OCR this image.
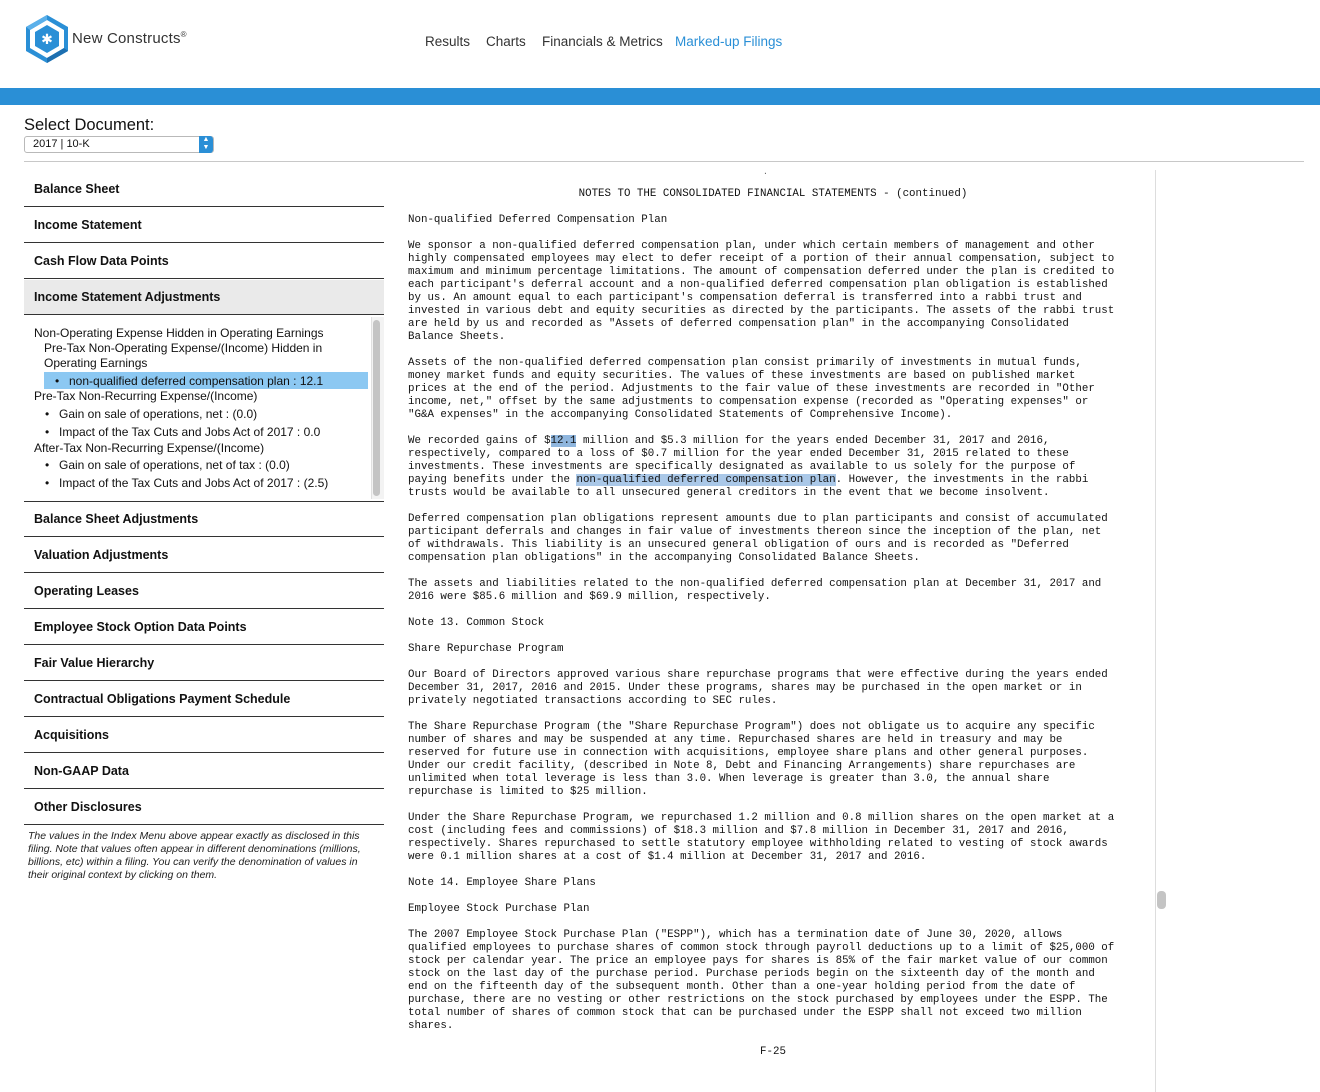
✱ New Constructs®	Results Charts Financials & Metrics Marked-up Filings
Select Document:
2017 | 10-K	▲
▼
Balance Sheet
Income Statement
Cash Flow Data Points
Income Statement Adjustments
Non-Operating Expense Hidden in Operating Earnings
Pre-Tax Non-Operating Expense/(Income) Hidden in
Operating Earnings
• non-qualified deferred compensation plan : 12.1
Pre-Tax Non-Recurring Expense/(Income)
• Gain on sale of operations, net : (0.0)
• Impact of the Tax Cuts and Jobs Act of 2017 : 0.0
After-Tax Non-Recurring Expense/(Income)
• Gain on sale of operations, net of tax : (0.0)
• Impact of the Tax Cuts and Jobs Act of 2017 : (2.5)
Balance Sheet Adjustments
Valuation Adjustments
Operating Leases
Employee Stock Option Data Points
Fair Value Hierarchy
Contractual Obligations Payment Schedule
Acquisitions
Non-GAAP Data
Other Disclosures
The values in the Index Menu above appear exactly as disclosed in this filing. Note that values often appear in different denominations (millions, billions, etc) within a filing. You can verify the denomination of values in their original context by clicking on them.
.
NOTES TO THE CONSOLIDATED FINANCIAL STATEMENTS - (continued)
Non-qualified Deferred Compensation Plan
We sponsor a non-qualified deferred compensation plan, under which certain members of management and other
highly compensated employees may elect to defer receipt of a portion of their annual compensation, subject to
maximum and minimum percentage limitations. The amount of compensation deferred under the plan is credited to
each participant's deferral account and a non-qualified deferred compensation plan obligation is established
by us. An amount equal to each participant's compensation deferral is transferred into a rabbi trust and
invested in various debt and equity securities as directed by the participants. The assets of the rabbi trust
are held by us and recorded as "Assets of deferred compensation plan" in the accompanying Consolidated
Balance Sheets.
Assets of the non-qualified deferred compensation plan consist primarily of investments in mutual funds,
money market funds and equity securities. The values of these investments are based on published market
prices at the end of the period. Adjustments to the fair value of these investments are recorded in "Other
income, net," offset by the same adjustments to compensation expense (recorded as "Operating expenses" or
"G&A expenses" in the accompanying Consolidated Statements of Comprehensive Income).
We recorded gains of $12.1 million and $5.3 million for the years ended December 31, 2017 and 2016,
respectively, compared to a loss of $0.7 million for the year ended December 31, 2015 related to these
investments. These investments are specifically designated as available to us solely for the purpose of
paying benefits under the non-qualified deferred compensation plan. However, the investments in the rabbi
trusts would be available to all unsecured general creditors in the event that we become insolvent.
Deferred compensation plan obligations represent amounts due to plan participants and consist of accumulated
participant deferrals and changes in fair value of investments thereon since the inception of the plan, net
of withdrawals. This liability is an unsecured general obligation of ours and is recorded as "Deferred
compensation plan obligations" in the accompanying Consolidated Balance Sheets.
The assets and liabilities related to the non-qualified deferred compensation plan at December 31, 2017 and
2016 were $85.6 million and $69.9 million, respectively.
Note 13. Common Stock
Share Repurchase Program
Our Board of Directors approved various share repurchase programs that were effective during the years ended
December 31, 2017, 2016 and 2015. Under these programs, shares may be purchased in the open market or in
privately negotiated transactions according to SEC rules.
The Share Repurchase Program (the "Share Repurchase Program") does not obligate us to acquire any specific
number of shares and may be suspended at any time. Repurchased shares are held in treasury and may be
reserved for future use in connection with acquisitions, employee share plans and other general purposes.
Under our credit facility, (described in Note 8, Debt and Financing Arrangements) share repurchases are
unlimited when total leverage is less than 3.0. When leverage is greater than 3.0, the annual share
repurchase is limited to $25 million.
Under the Share Repurchase Program, we repurchased 1.2 million and 0.8 million shares on the open market at a
cost (including fees and commissions) of $18.3 million and $7.8 million in December 31, 2017 and 2016,
respectively. Shares repurchased to settle statutory employee withholding related to vesting of stock awards
were 0.1 million shares at a cost of $1.4 million at December 31, 2017 and 2016.
Note 14. Employee Share Plans
Employee Stock Purchase Plan
The 2007 Employee Stock Purchase Plan ("ESPP"), which has a termination date of June 30, 2020, allows
qualified employees to purchase shares of common stock through payroll deductions up to a limit of $25,000 of
stock per calendar year. The price an employee pays for shares is 85% of the fair market value of our common
stock on the last day of the purchase period. Purchase periods begin on the sixteenth day of the month and
end on the fifteenth day of the subsequent month. Other than a one-year holding period from the date of
purchase, there are no vesting or other restrictions on the stock purchased by employees under the ESPP. The
total number of shares of common stock that can be purchased under the ESPP shall not exceed two million
shares.
F-25
